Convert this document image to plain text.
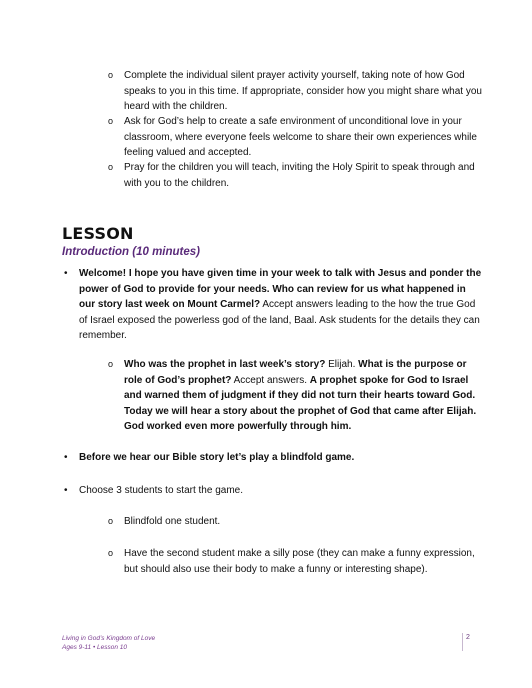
o Complete the individual silent prayer activity yourself, taking note of how God speaks to you in this time. If appropriate, consider how you might share what you heard with the children.
o Ask for God’s help to create a safe environment of unconditional love in your classroom, where everyone feels welcome to share their own experiences while feeling valued and accepted.
o Pray for the children you will teach, inviting the Holy Spirit to speak through and with you to the children.
LESSON
Introduction (10 minutes)
• Welcome! I hope you have given time in your week to talk with Jesus and ponder the power of God to provide for your needs. Who can review for us what happened in our story last week on Mount Carmel? Accept answers leading to the how the true God of Israel exposed the powerless god of the land, Baal. Ask students for the details they can remember.
o Who was the prophet in last week’s story? Elijah. What is the purpose or role of God’s prophet? Accept answers. A prophet spoke for God to Israel and warned them of judgment if they did not turn their hearts toward God. Today we will hear a story about the prophet of God that came after Elijah. God worked even more powerfully through him.
• Before we hear our Bible story let’s play a blindfold game.
• Choose 3 students to start the game.
o Blindfold one student.
o Have the second student make a silly pose (they can make a funny expression, but should also use their body to make a funny or interesting shape).
Living in God’s Kingdom of Love
Ages 9-11 • Lesson 10
2
